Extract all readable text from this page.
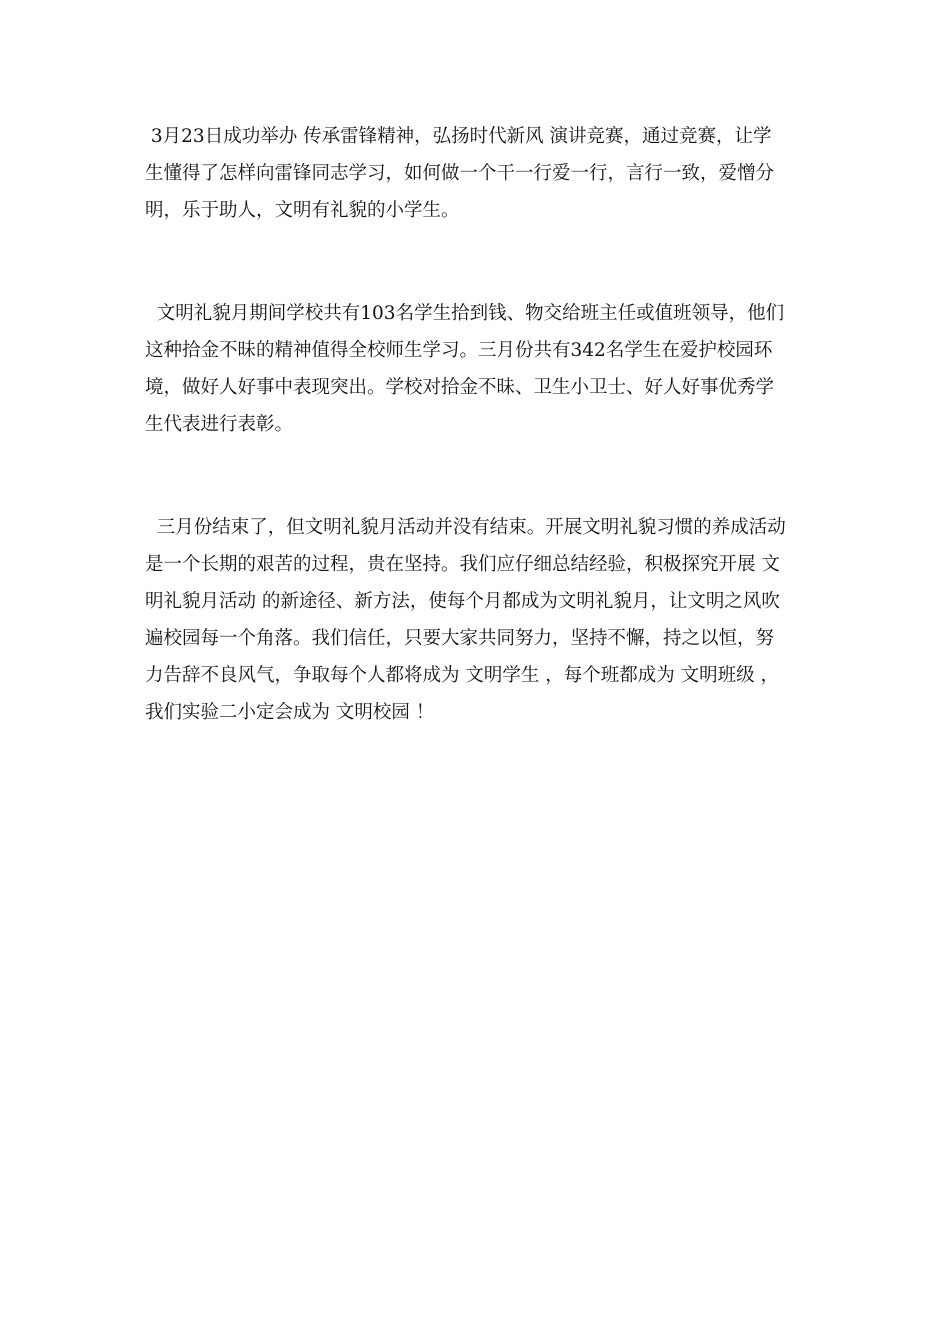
3月23日成功举办 传承雷锋精神，弘扬时代新风 演讲竞赛，通过竞赛，让学
生懂得了怎样向雷锋同志学习，如何做一个干一行爱一行，言行一致，爱憎分
明，乐于助人，文明有礼貌的小学生。
文明礼貌月期间学校共有103名学生拾到钱、物交给班主任或值班领导，他们
这种拾金不昧的精神值得全校师生学习。三月份共有342名学生在爱护校园环
境，做好人好事中表现突出。学校对拾金不昧、卫生小卫士、好人好事优秀学
生代表进行表彰。
三月份结束了，但文明礼貌月活动并没有结束。开展文明礼貌习惯的养成活动
是一个长期的艰苦的过程，贵在坚持。我们应仔细总结经验，积极探究开展 文
明礼貌月活动 的新途径、新方法，使每个月都成为文明礼貌月，让文明之风吹
遍校园每一个角落。我们信任，只要大家共同努力，坚持不懈，持之以恒，努
力告辞不良风气，争取每个人都将成为 文明学生 ，每个班都成为 文明班级 ，
我们实验二小定会成为 文明校园 ！
